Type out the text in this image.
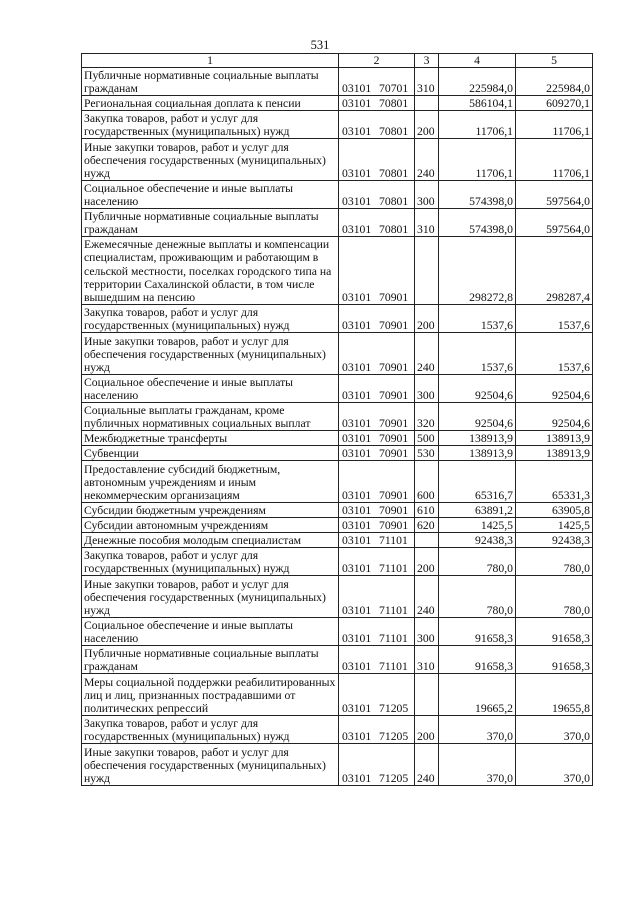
531
1	2	3	4	5
Публичные нормативные социальные выплаты гражданам	03101 70701	310	225984,0	225984,0
Региональная социальная доплата к пенсии	03101 70801		586104,1	609270,1
Закупка товаров, работ и услуг для государственных (муниципальных) нужд	03101 70801	200	11706,1	11706,1
Иные закупки товаров, работ и услуг для обеспечения государственных (муниципальных) нужд	03101 70801	240	11706,1	11706,1
Социальное обеспечение и иные выплаты населению	03101 70801	300	574398,0	597564,0
Публичные нормативные социальные выплаты гражданам	03101 70801	310	574398,0	597564,0
Ежемесячные денежные выплаты и компенсации специалистам, проживающим и работающим в сельской местности, поселках городского типа на территории Сахалинской области, в том числе вышедшим на пенсию	03101 70901		298272,8	298287,4
Закупка товаров, работ и услуг для государственных (муниципальных) нужд	03101 70901	200	1537,6	1537,6
Иные закупки товаров, работ и услуг для обеспечения государственных (муниципальных) нужд	03101 70901	240	1537,6	1537,6
Социальное обеспечение и иные выплаты населению	03101 70901	300	92504,6	92504,6
Социальные выплаты гражданам, кроме публичных нормативных социальных выплат	03101 70901	320	92504,6	92504,6
Межбюджетные трансферты	03101 70901	500	138913,9	138913,9
Субвенции	03101 70901	530	138913,9	138913,9
Предоставление субсидий бюджетным, автономным учреждениям и иным некоммерческим организациям	03101 70901	600	65316,7	65331,3
Субсидии бюджетным учреждениям	03101 70901	610	63891,2	63905,8
Субсидии автономным учреждениям	03101 70901	620	1425,5	1425,5
Денежные пособия молодым специалистам	03101 71101		92438,3	92438,3
Закупка товаров, работ и услуг для государственных (муниципальных) нужд	03101 71101	200	780,0	780,0
Иные закупки товаров, работ и услуг для обеспечения государственных (муниципальных) нужд	03101 71101	240	780,0	780,0
Социальное обеспечение и иные выплаты населению	03101 71101	300	91658,3	91658,3
Публичные нормативные социальные выплаты гражданам	03101 71101	310	91658,3	91658,3
Меры социальной поддержки реабилитированных лиц и лиц, признанных пострадавшими от политических репрессий	03101 71205		19665,2	19655,8
Закупка товаров, работ и услуг для государственных (муниципальных) нужд	03101 71205	200	370,0	370,0
Иные закупки товаров, работ и услуг для обеспечения государственных (муниципальных) нужд	03101 71205	240	370,0	370,0
